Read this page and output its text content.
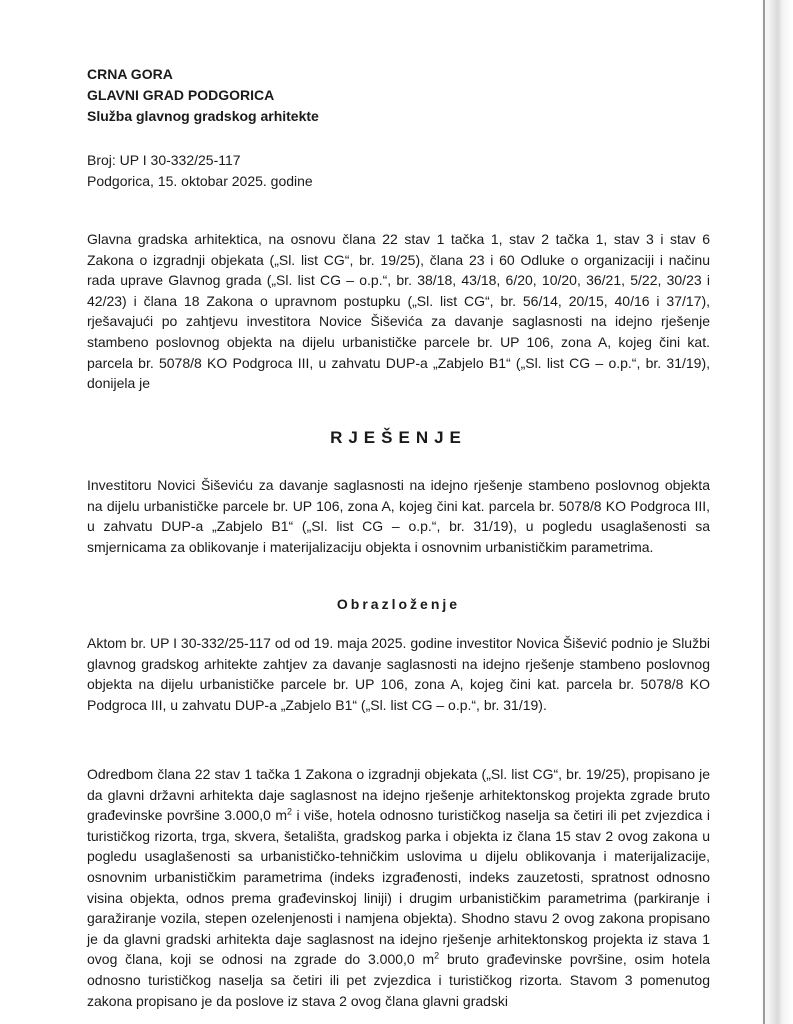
CRNA GORA
GLAVNI GRAD PODGORICA
Služba glavnog gradskog arhitekte
Broj: UP I 30-332/25-117
Podgorica, 15. oktobar 2025. godine

Glavna gradska arhitektica, na osnovu člana 22 stav 1 tačka 1, stav 2 tačka 1, stav 3 i stav 6 Zakona o izgradnji objekata („Sl. list CG“, br. 19/25), člana 23 i 60 Odluke o organizaciji i načinu rada uprave Glavnog grada („Sl. list CG – o.p.“, br. 38/18, 43/18, 6/20, 10/20, 36/21, 5/22, 30/23 i 42/23) i člana 18 Zakona o upravnom postupku („Sl. list CG“, br. 56/14, 20/15, 40/16 i 37/17), rješavajući po zahtjevu investitora Novice Šiševića za davanje saglasnosti na idejno rješenje stambeno poslovnog objekta na dijelu urbanističke parcele br. UP 106, zona A, kojeg čini kat. parcela br. 5078/8 KO Podgroca III, u zahvatu DUP-a „Zabjelo B1“ („Sl. list CG – o.p.“, br. 31/19), donijela je

RJEŠENJE

Investitoru Novici Šiševiću za davanje saglasnosti na idejno rješenje stambeno poslovnog objekta na dijelu urbanističke parcele br. UP 106, zona A, kojeg čini kat. parcela br. 5078/8 KO Podgroca III, u zahvatu DUP-a „Zabjelo B1“ („Sl. list CG – o.p.“, br. 31/19), u pogledu usaglašenosti sa smjernicama za oblikovanje i materijalizaciju objekta i osnovnim urbanističkim parametrima.

Obrazloženje

Aktom br. UP I 30-332/25-117 od od 19. maja 2025. godine investitor Novica Šišević podnio je Službi glavnog gradskog arhitekte zahtjev za davanje saglasnosti na idejno rješenje stambeno poslovnog objekta na dijelu urbanističke parcele br. UP 106, zona A, kojeg čini kat. parcela br. 5078/8 KO Podgroca III, u zahvatu DUP-a „Zabjelo B1“ („Sl. list CG – o.p.“, br. 31/19).

Odredbom člana 22 stav 1 tačka 1 Zakona o izgradnji objekata („Sl. list CG“, br. 19/25), propisano je da glavni državni arhitekta daje saglasnost na idejno rješenje arhitektonskog projekta zgrade bruto građevinske površine 3.000,0 $m^2$ i više, hotela odnosno turističkog naselja sa četiri ili pet zvjezdica i turističkog rizorta, trga, skvera, šetališta, gradskog parka i objekta iz člana 15 stav 2 ovog zakona u pogledu usaglašenosti sa urbanističko-tehničkim uslovima u dijelu oblikovanja i materijalizacije, osnovnim urbanističkim parametrima (indeks izgrađenosti, indeks zauzetosti, spratnost odnosno visina objekta, odnos prema građevinskoj liniji) i drugim urbanističkim parametrima (parkiranje i garažiranje vozila, stepen ozelenjenosti i namjena objekta). Shodno stavu 2 ovog zakona propisano je da glavni gradski arhitekta daje saglasnost na idejno rješenje arhitektonskog projekta iz stava 1 ovog člana, koji se odnosi na zgrade do 3.000,0 $m^2$ bruto građevinske površine, osim hotela odnosno turističkog naselja sa četiri ili pet zvjezdica i turističkog rizorta. Stavom 3 pomenutog zakona propisano je da poslove iz stava 2 ovog člana glavni gradski
